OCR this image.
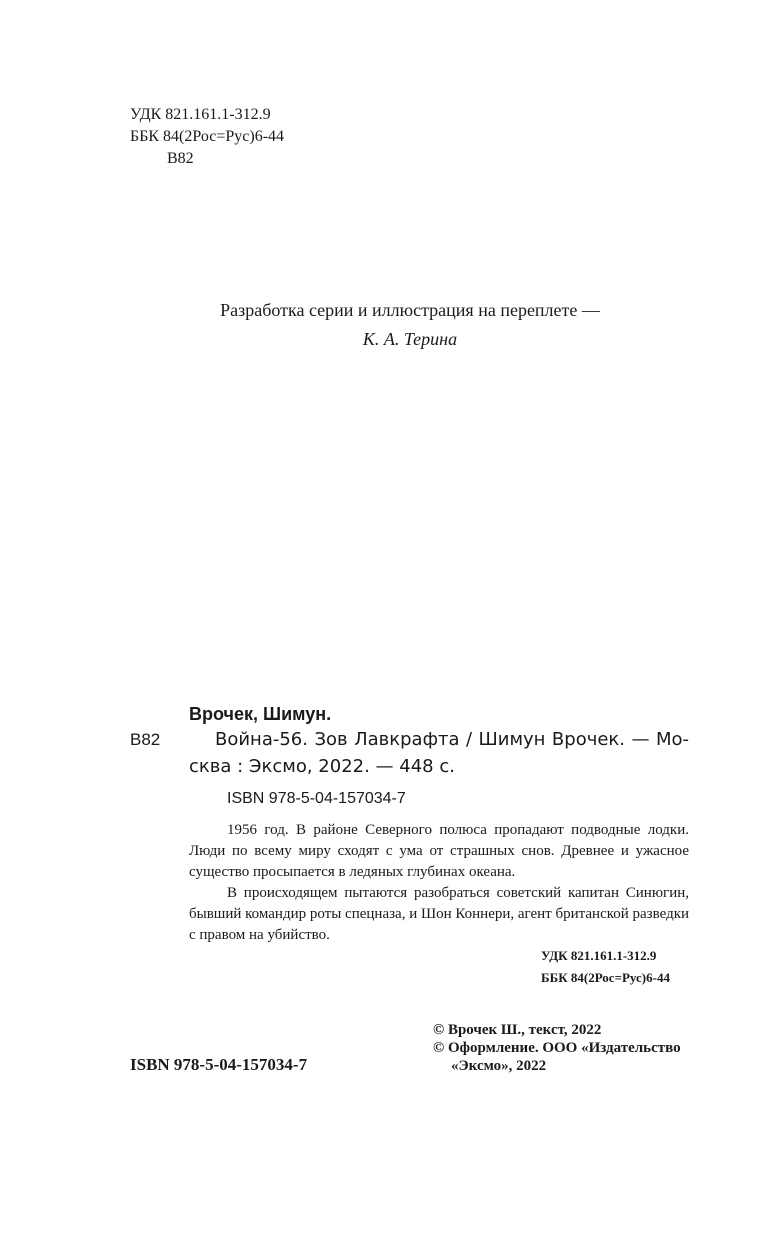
УДК 821.161.1-312.9
ББК 84(2Рос=Рус)6-44
В82
Разработка серии и иллюстрация на переплете —
К. А. Терина
Врочек, Шимун.
В82	Война-56. Зов Лавкрафта / Шимун Врочек. — Мо-
сква : Эксмо, 2022. — 448 с.
ISBN 978-5-04-157034-7

1956 год. В районе Северного полюса пропадают подводные лодки. Люди по всему миру сходят с ума от страшных снов. Древнее и ужасное существо просыпается в ледяных глубинах океана.

В происходящем пытаются разобраться советский капитан Синюгин, бывший командир роты спецназа, и Шон Коннери, агент британской разведки с правом на убийство.

УДК 821.161.1-312.9
ББК 84(2Рос=Рус)6-44
© Врочек Ш., текст, 2022
© Оформление. ООО «Издательство
«Эксмо», 2022
ISBN 978-5-04-157034-7
